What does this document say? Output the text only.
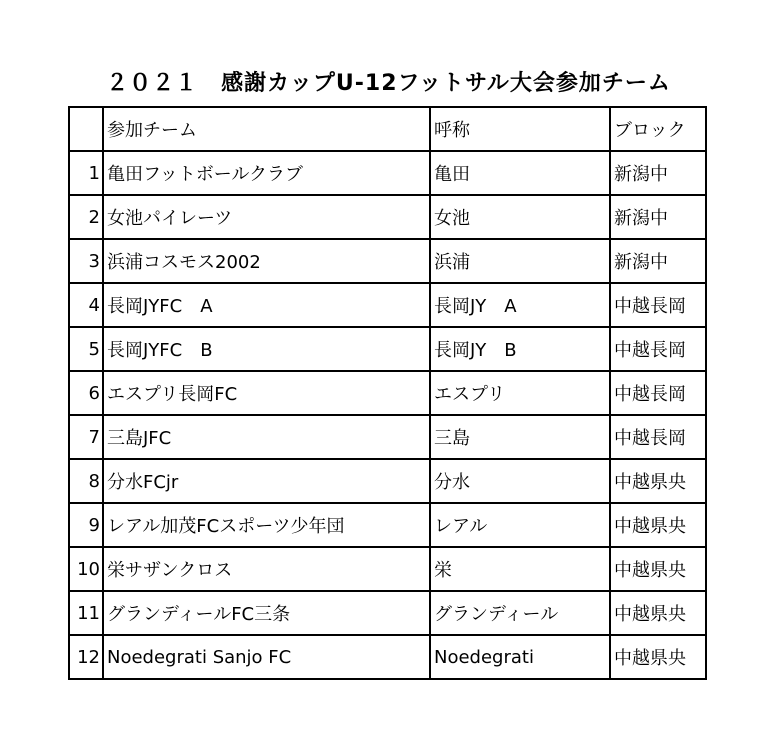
２０２１　感謝カップU-12フットサル大会参加チーム
	参加チーム	呼称	ブロック
1	亀田フットボールクラブ	亀田	新潟中
2	女池パイレーツ	女池	新潟中
3	浜浦コスモス2002	浜浦	新潟中
4	長岡JYFC　A	長岡JY　A	中越長岡
5	長岡JYFC　B	長岡JY　B	中越長岡
6	エスプリ長岡FC	エスプリ	中越長岡
7	三島JFC	三島	中越長岡
8	分水FCjr	分水	中越県央
9	レアル加茂FCスポーツ少年団	レアル	中越県央
10	栄サザンクロス	栄	中越県央
11	グランディールFC三条	グランディール	中越県央
12	Noedegrati Sanjo FC	Noedegrati	中越県央
